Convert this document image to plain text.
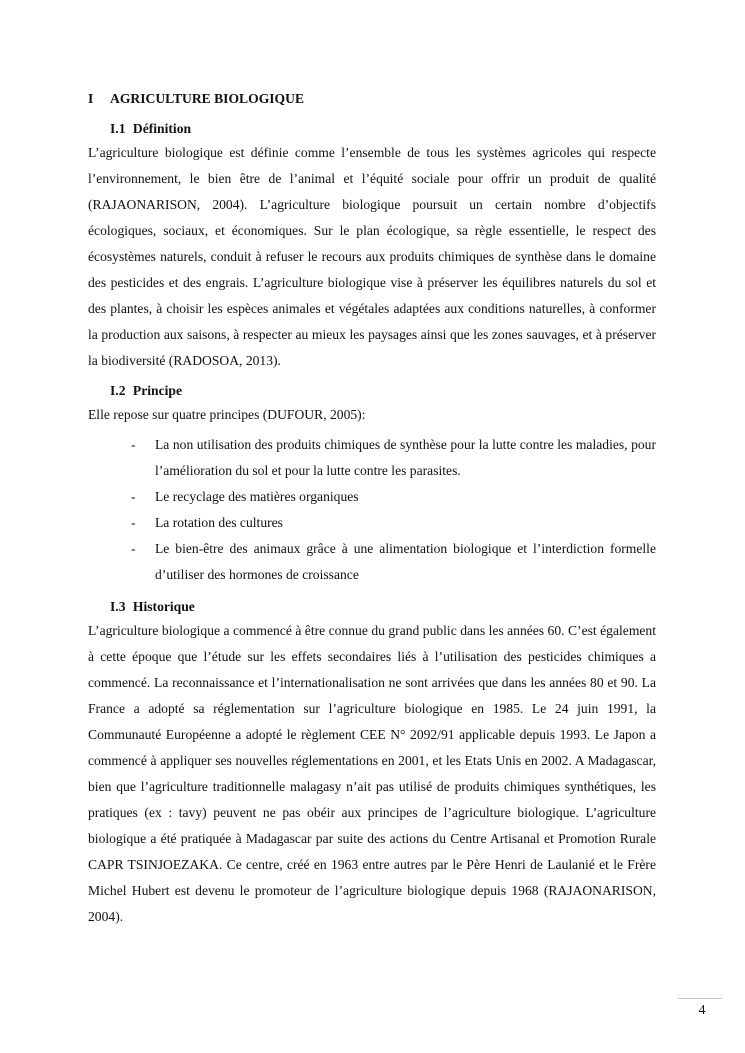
I AGRICULTURE BIOLOGIQUE
I.1 Définition

L’agriculture biologique est définie comme l’ensemble de tous les systèmes agricoles qui respecte l’environnement, le bien être de l’animal et l’équité sociale pour offrir un produit de qualité (RAJAONARISON, 2004). L’agriculture biologique poursuit un certain nombre d’objectifs écologiques, sociaux, et économiques. Sur le plan écologique, sa règle essentielle, le respect des écosystèmes naturels, conduit à refuser le recours aux produits chimiques de synthèse dans le domaine des pesticides et des engrais. L’agriculture biologique vise à préserver les équilibres naturels du sol et des plantes, à choisir les espèces animales et végétales adaptées aux conditions naturelles, à conformer la production aux saisons, à respecter au mieux les paysages ainsi que les zones sauvages, et à préserver la biodiversité (RADOSOA, 2013).

I.2 Principe

Elle repose sur quatre principes (DUFOUR, 2005):

- La non utilisation des produits chimiques de synthèse pour la lutte contre les maladies, pour l’amélioration du sol et pour la lutte contre les parasites.
- Le recyclage des matières organiques
- La rotation des cultures
- Le bien-être des animaux grâce à une alimentation biologique et l’interdiction formelle d’utiliser des hormones de croissance
I.3 Historique

L’agriculture biologique a commencé à être connue du grand public dans les années 60. C’est également à cette époque que l’étude sur les effets secondaires liés à l’utilisation des pesticides chimiques a commencé. La reconnaissance et l’internationalisation ne sont arrivées que dans les années 80 et 90. La France a adopté sa réglementation sur l’agriculture biologique en 1985. Le 24 juin 1991, la Communauté Européenne a adopté le règlement CEE N° 2092/91 applicable depuis 1993. Le Japon a commencé à appliquer ses nouvelles réglementations en 2001, et les Etats Unis en 2002. A Madagascar, bien que l’agriculture traditionnelle malagasy n’ait pas utilisé de produits chimiques synthétiques, les pratiques (ex : tavy) peuvent ne pas obéir aux principes de l’agriculture biologique. L’agriculture biologique a été pratiquée à Madagascar par suite des actions du Centre Artisanal et Promotion Rurale CAPR TSINJOEZAKA. Ce centre, créé en 1963 entre autres par le Père Henri de Laulanié et le Frère Michel Hubert est devenu le promoteur de l’agriculture biologique depuis 1968 (RAJAONARISON, 2004).

4
